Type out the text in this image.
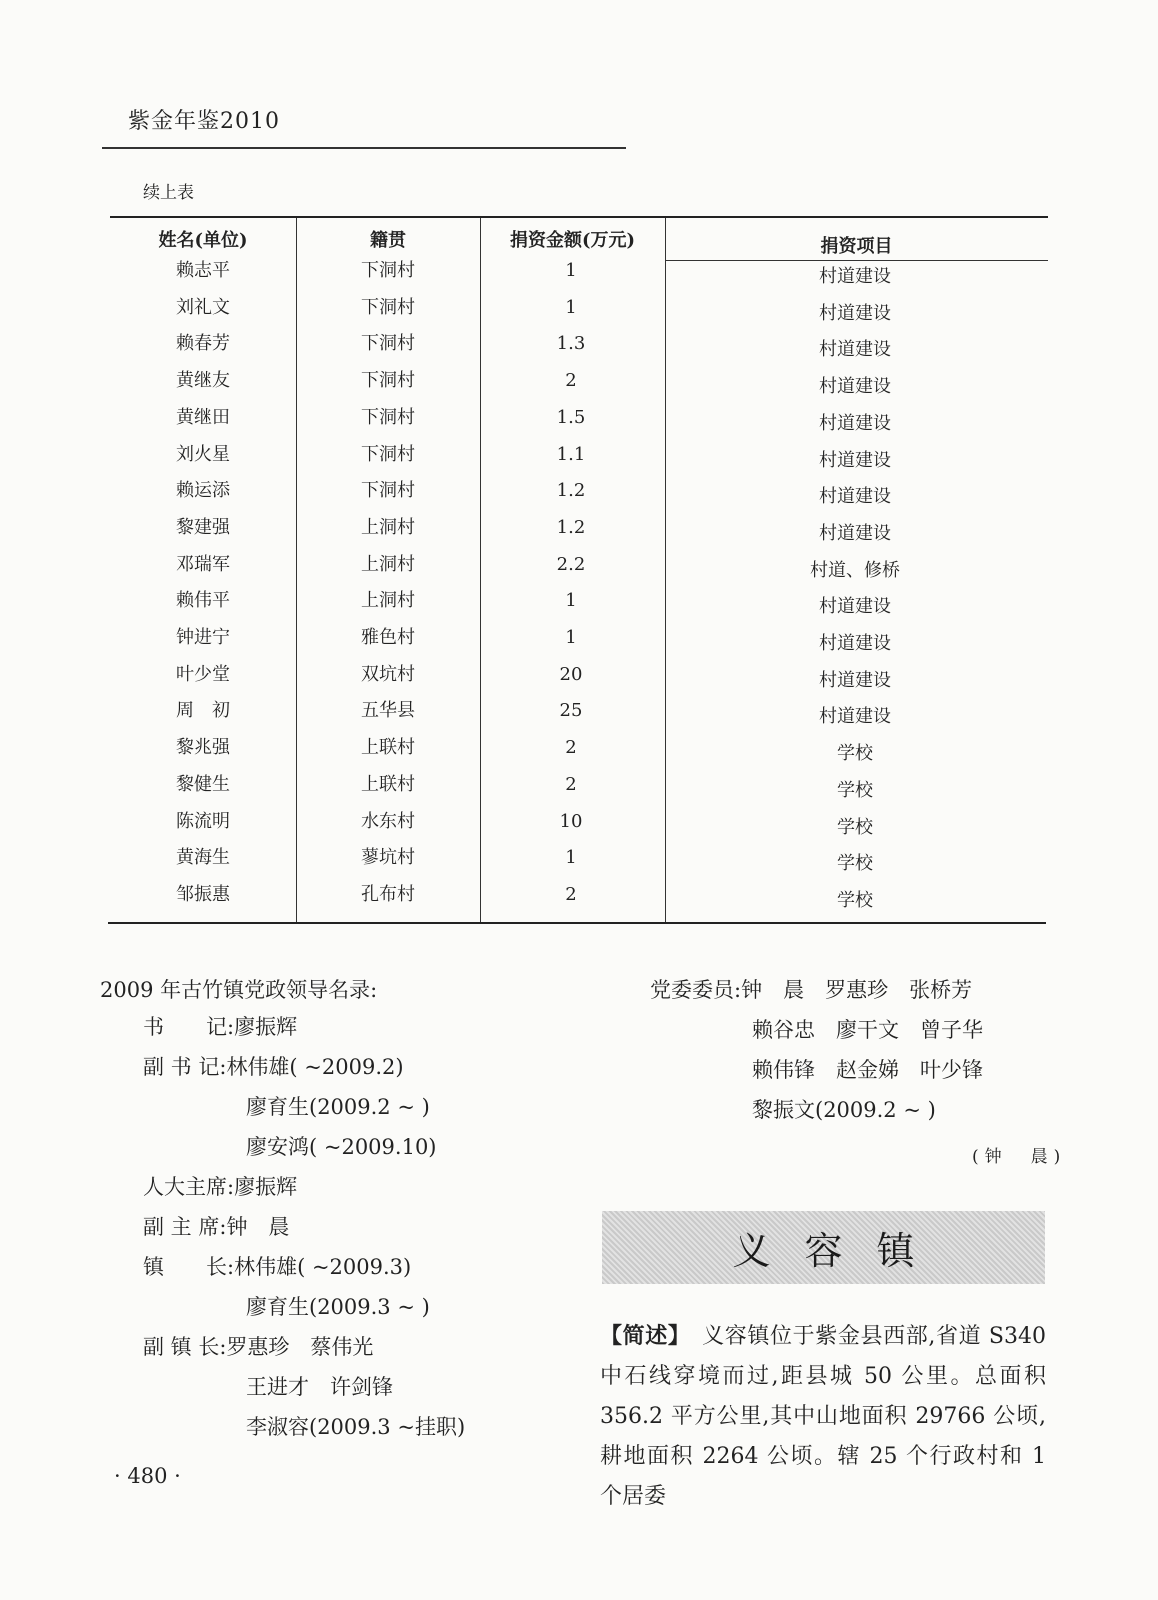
紫金年鉴2010
续上表
姓名(单位)	籍贯	捐资金额(万元)	捐资项目
赖志平	下洞村	1	村道建设
刘礼文	下洞村	1	村道建设
赖春芳	下洞村	1.3	村道建设
黄继友	下洞村	2	村道建设
黄继田	下洞村	1.5	村道建设
刘火星	下洞村	1.1	村道建设
赖运添	下洞村	1.2	村道建设
黎建强	上洞村	1.2	村道建设
邓瑞军	上洞村	2.2	村道、修桥
赖伟平	上洞村	1	村道建设
钟进宁	雅色村	1	村道建设
叶少堂	双坑村	20	村道建设
周　初	五华县	25	村道建设
黎兆强	上联村	2	学校
黎健生	上联村	2	学校
陈流明	水东村	10	学校
黄海生	蓼坑村	1	学校
邹振惠	孔布村	2	学校
2009 年古竹镇党政领导名录:
书　　记:廖振辉
副 书 记:林伟雄( ~2009.2)
廖育生(2009.2 ~ )
廖安鸿( ~2009.10)
人大主席:廖振辉
副 主 席:钟　晨
镇　　长:林伟雄( ~2009.3)
廖育生(2009.3 ~ )
副 镇 长:罗惠珍　蔡伟光
王进才　许剑锋
李淑容(2009.3 ~挂职)
党委委员:钟　晨　罗惠珍　张桥芳
赖谷忠　廖干文　曾子华
赖伟锋　赵金娣　叶少锋
黎振文(2009.2 ~ )
(钟　晨)
义容镇
【简述】　义容镇位于紫金县西部,省道 S340 中石线穿境而过,距县城 50 公里。总面积 356.2 平方公里,其中山地面积 29766 公顷,耕地面积 2264 公顷。辖 25 个行政村和 1 个居委
· 480 ·
